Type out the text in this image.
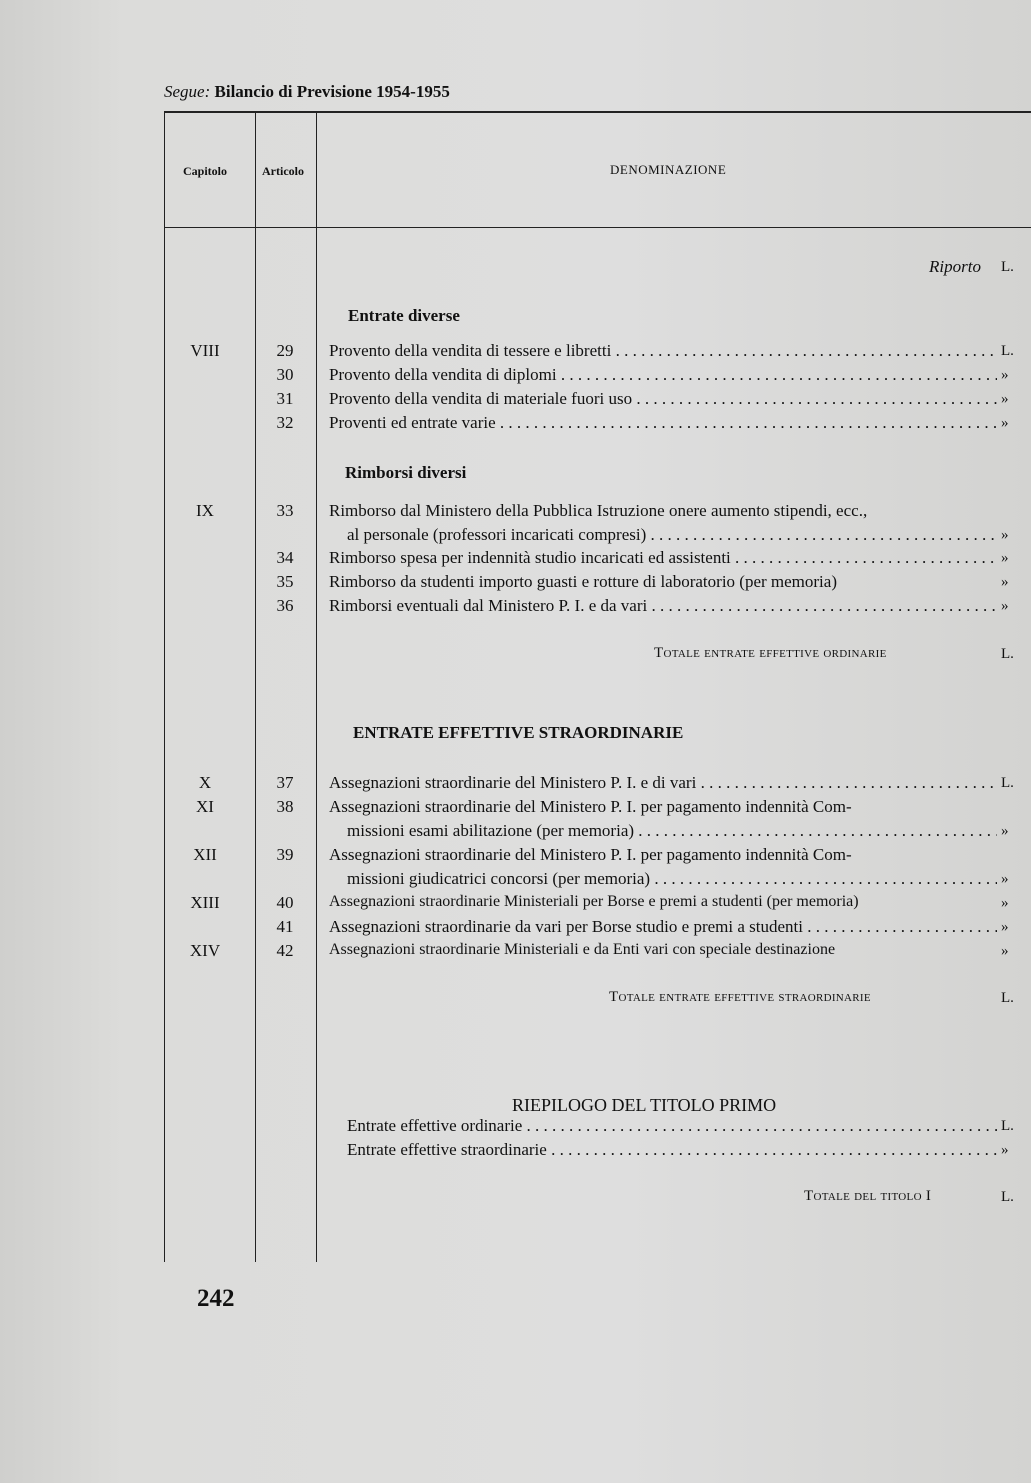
Segue: Bilancio di Previsione 1954-1955
Capitolo	Articolo	DENOMINAZIONE
Riporto L.
Entrate diverse
VIII	29	Provento della vendita di tessere e libretti . . .	L.
30	Provento della vendita di diplomi . . .	»
31	Provento della vendita di materiale fuori uso . . .	»
32	Proventi ed entrate varie . . .	»
Rimborsi diversi
IX	33	Rimborso dal Ministero della Pubblica Istruzione onere aumento stipendi, ecc.,
al personale (professori incaricati compresi) . . .	»
34	Rimborso spesa per indennità studio incaricati ed assistenti . . .	»
35	Rimborso da studenti importo guasti e rotture di laboratorio (per memoria)	»
36	Rimborsi eventuali dal Ministero P. I. e da vari . . .	»
Totale entrate effettive ordinarie	L.
ENTRATE EFFETTIVE STRAORDINARIE
X	37	Assegnazioni straordinarie del Ministero P. I. e di vari . . .	L.
XI	38	Assegnazioni straordinarie del Ministero P. I. per pagamento indennità Com-
missioni esami abilitazione (per memoria) . . .	»
XII	39	Assegnazioni straordinarie del Ministero P. I. per pagamento indennità Com-
missioni giudicatrici concorsi (per memoria) . . .	»
XIII	40	Assegnazioni straordinarie Ministeriali per Borse e premi a studenti (per memoria)	»
41	Assegnazioni straordinarie da vari per Borse studio e premi a studenti . . .	»
XIV	42	Assegnazioni straordinarie Ministeriali e da Enti vari con speciale destinazione	»
Totale entrate effettive straordinarie	L.
RIEPILOGO DEL TITOLO PRIMO
Entrate effettive ordinarie . . .	L.
Entrate effettive straordinarie . . .	»
Totale del titolo I	L.
242
